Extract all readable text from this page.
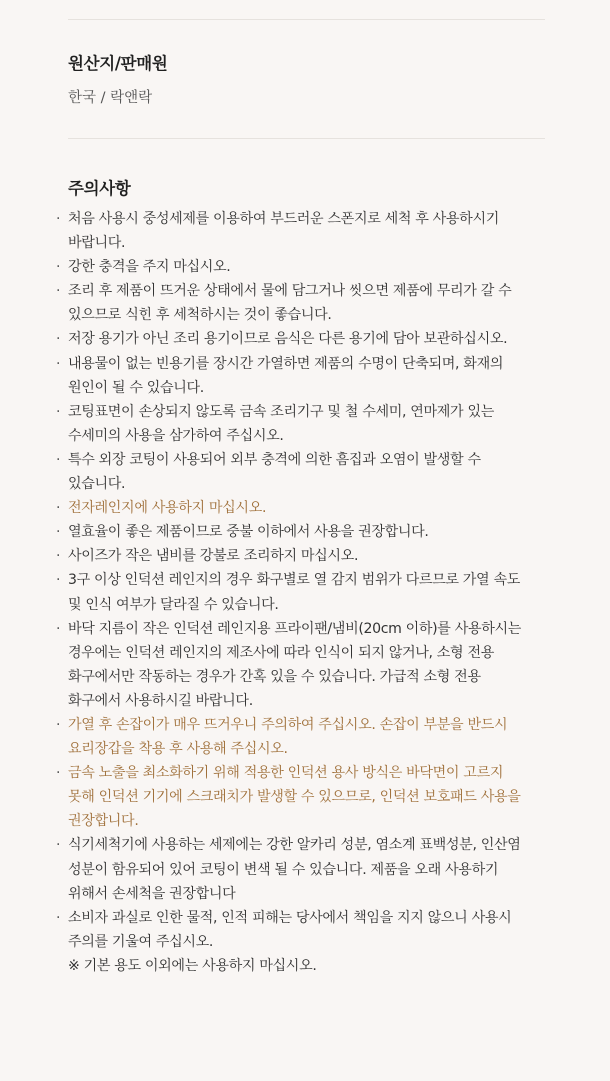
원산지/판매원
한국 / 락앤락
주의사항
· 처음 사용시 중성세제를 이용하여 부드러운 스폰지로 세척 후 사용하시기
바랍니다.
· 강한 충격을 주지 마십시오.
· 조리 후 제품이 뜨거운 상태에서 물에 담그거나 씻으면 제품에 무리가 갈 수
있으므로 식힌 후 세척하시는 것이 좋습니다.
· 저장 용기가 아닌 조리 용기이므로 음식은 다른 용기에 담아 보관하십시오.
· 내용물이 없는 빈용기를 장시간 가열하면 제품의 수명이 단축되며, 화재의
원인이 될 수 있습니다.
· 코팅표면이 손상되지 않도록 금속 조리기구 및 철 수세미, 연마제가 있는
수세미의 사용을 삼가하여 주십시오.
· 특수 외장 코팅이 사용되어 외부 충격에 의한 흠집과 오염이 발생할 수
있습니다.
· 전자레인지에 사용하지 마십시오.
· 열효율이 좋은 제품이므로 중불 이하에서 사용을 권장합니다.
· 사이즈가 작은 냄비를 강불로 조리하지 마십시오.
· 3구 이상 인덕션 레인지의 경우 화구별로 열 감지 범위가 다르므로 가열 속도
및 인식 여부가 달라질 수 있습니다.
· 바닥 지름이 작은 인덕션 레인지용 프라이팬/냄비(20cm 이하)를 사용하시는
경우에는 인덕션 레인지의 제조사에 따라 인식이 되지 않거나, 소형 전용
화구에서만 작동하는 경우가 간혹 있을 수 있습니다. 가급적 소형 전용
화구에서 사용하시길 바랍니다.
· 가열 후 손잡이가 매우 뜨거우니 주의하여 주십시오. 손잡이 부분을 반드시
요리장갑을 착용 후 사용해 주십시오.
· 금속 노출을 최소화하기 위해 적용한 인덕션 용사 방식은 바닥면이 고르지
못해 인덕션 기기에 스크래치가 발생할 수 있으므로, 인덕션 보호패드 사용을
권장합니다.
· 식기세척기에 사용하는 세제에는 강한 알카리 성분, 염소계 표백성분, 인산염
성분이 함유되어 있어 코팅이 변색 될 수 있습니다. 제품을 오래 사용하기
위해서 손세척을 권장합니다
· 소비자 과실로 인한 물적, 인적 피해는 당사에서 책임을 지지 않으니 사용시
주의를 기울여 주십시오.
※ 기본 용도 이외에는 사용하지 마십시오.
